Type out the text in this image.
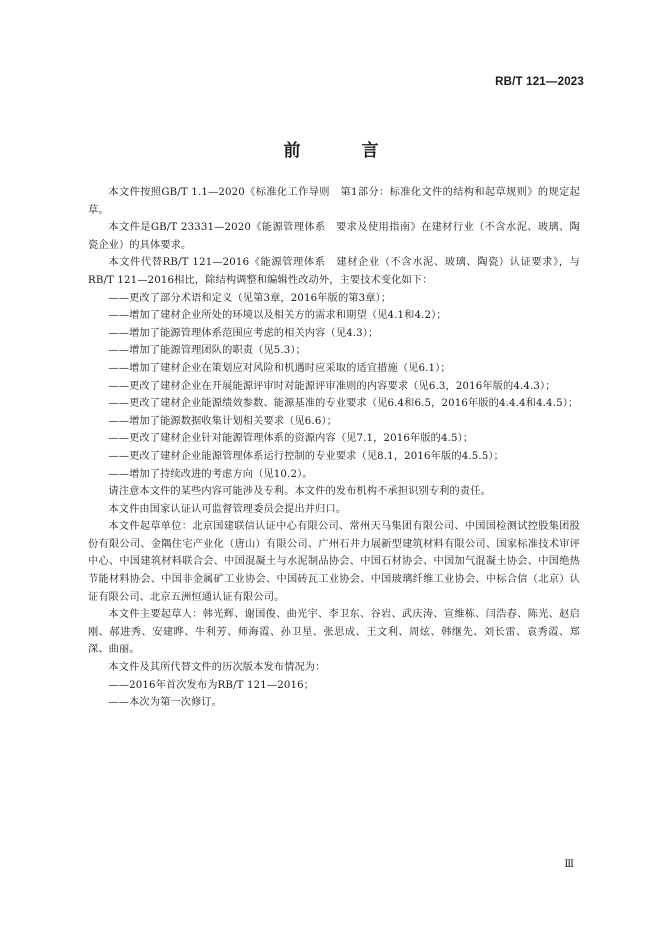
RB/T 121—2023
前　言

本文件按照GB/T 1.1—2020《标准化工作导则　第1部分：标准化文件的结构和起草规则》的规定起草。

本文件是GB/T 23331—2020《能源管理体系　要求及使用指南》在建材行业（不含水泥、玻璃、陶瓷企业）的具体要求。

本文件代替RB/T 121—2016《能源管理体系　建材企业（不含水泥、玻璃、陶瓷）认证要求》，与RB/T 121—2016相比，除结构调整和编辑性改动外，主要技术变化如下：

——更改了部分术语和定义（见第3章，2016年版的第3章）；

——增加了建材企业所处的环境以及相关方的需求和期望（见4.1和4.2）；

——增加了能源管理体系范围应考虑的相关内容（见4.3）；

——增加了能源管理团队的职责（见5.3）；

——增加了建材企业在策划应对风险和机遇时应采取的适宜措施（见6.1）；

——更改了建材企业在开展能源评审时对能源评审准则的内容要求（见6.3，2016年版的4.4.3）；

——更改了建材企业能源绩效参数、能源基准的专业要求（见6.4和6.5，2016年版的4.4.4和4.4.5）；

——增加了能源数据收集计划相关要求（见6.6）；

——更改了建材企业针对能源管理体系的资源内容（见7.1，2016年版的4.5）；

——更改了建材企业能源管理体系运行控制的专业要求（见8.1，2016年版的4.5.5）；

——增加了持续改进的考虑方向（见10.2）。

请注意本文件的某些内容可能涉及专利。本文件的发布机构不承担识别专利的责任。

本文件由国家认证认可监督管理委员会提出并归口。

本文件起草单位：北京国建联信认证中心有限公司、常州天马集团有限公司、中国国检测试控股集团股份有限公司、金隅住宅产业化（唐山）有限公司、广州石井力展新型建筑材料有限公司、国家标准技术审评中心、中国建筑材料联合会、中国混凝土与水泥制品协会、中国石材协会、中国加气混凝土协会、中国绝热节能材料协会、中国非金属矿工业协会、中国砖瓦工业协会、中国玻璃纤维工业协会、中标合信（北京）认证有限公司、北京五洲恒通认证有限公司。

本文件主要起草人：韩光辉、谢国俊、曲光宇、李卫东、谷岩、武庆涛、宣维栋、闫浩春、陈光、赵启刚、郝进秀、安建晔、牛利芳、师海霞、孙卫星、张思成、王文利、周炫、韩继先、刘长雷、袁秀霞、郑深、曲丽。

本文件及其所代替文件的历次版本发布情况为：

——2016年首次发布为RB/T 121—2016；

——本次为第一次修订。

Ⅲ
